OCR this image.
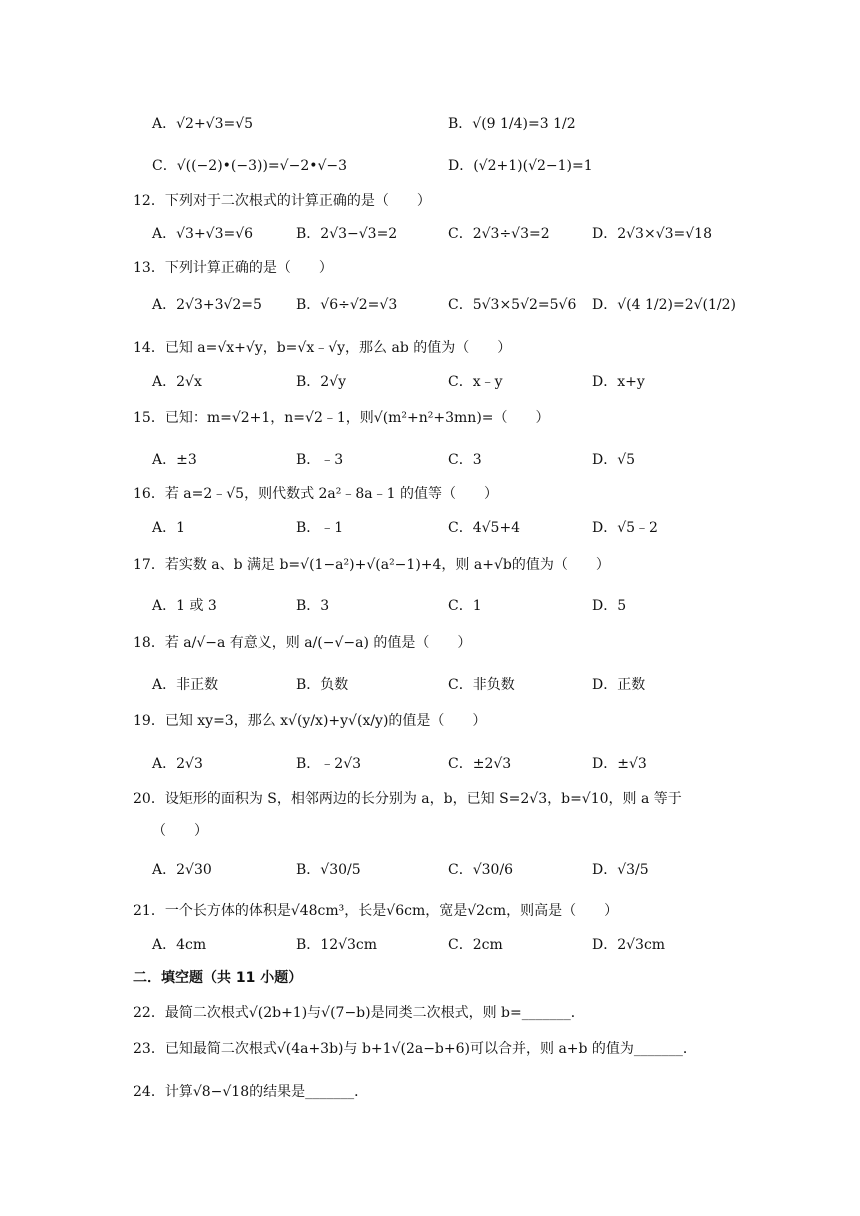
A．√2+√3=√5	B．√(9 1/4)=3 1/2
C．√((−2)•(−3))=√−2•√−3	D．(√2+1)(√2−1)=1
12．下列对于二次根式的计算正确的是（　　）
A．√3+√3=√6	B．2√3−√3=2	C．2√3÷√3=2	D．2√3×√3=√18
13．下列计算正确的是（　　）
A．2√3+3√2=5 B．√6÷√2=√3	C．5√3×5√2=5√6 D．√(4 1/2)=2√(1/2)
14．已知 a=√x+√y，b=√x﹣√y，那么 ab 的值为（　　）
A．2√x	B．2√y	C．x﹣y	D．x+y
15．已知：m=√2+1，n=√2﹣1，则√(m²+n²+3mn)=（　　）
A．±3	B．﹣3	C．3	D．√5
16．若 a=2﹣√5，则代数式 2a²﹣8a﹣1 的值等（　　）
A．1	B．﹣1	C．4√5+4	D．√5﹣2
17．若实数 a、b 满足 b=√(1−a²)+√(a²−1)+4，则 a+√b的值为（　　）
A．1 或 3	B．3	C．1	D．5
18．若 a/√−a 有意义，则 a/(−√−a) 的值是（　　）
A．非正数	B．负数	C．非负数	D．正数
19．已知 xy=3，那么 x√(y/x)+y√(x/y)的值是（　　）
A．2√3	B．﹣2√3	C．±2√3	D．±√3
20．设矩形的面积为 S，相邻两边的长分别为 a，b，已知 S=2√3，b=√10，则 a 等于
（　　）
A．2√30	B．√30/5	C．√30/6	D．√3/5
21．一个长方体的体积是√48cm³，长是√6cm，宽是√2cm，则高是（　　）
A．4cm	B．12√3cm	C．2cm	D．2√3cm
二．填空题（共 11 小题）
22．最简二次根式√(2b+1)与√(7−b)是同类二次根式，则 b=_______．
23．已知最简二次根式√(4a+3b)与 b+1√(2a−b+6)可以合并，则 a+b 的值为_______．
24．计算√8−√18的结果是_______．
